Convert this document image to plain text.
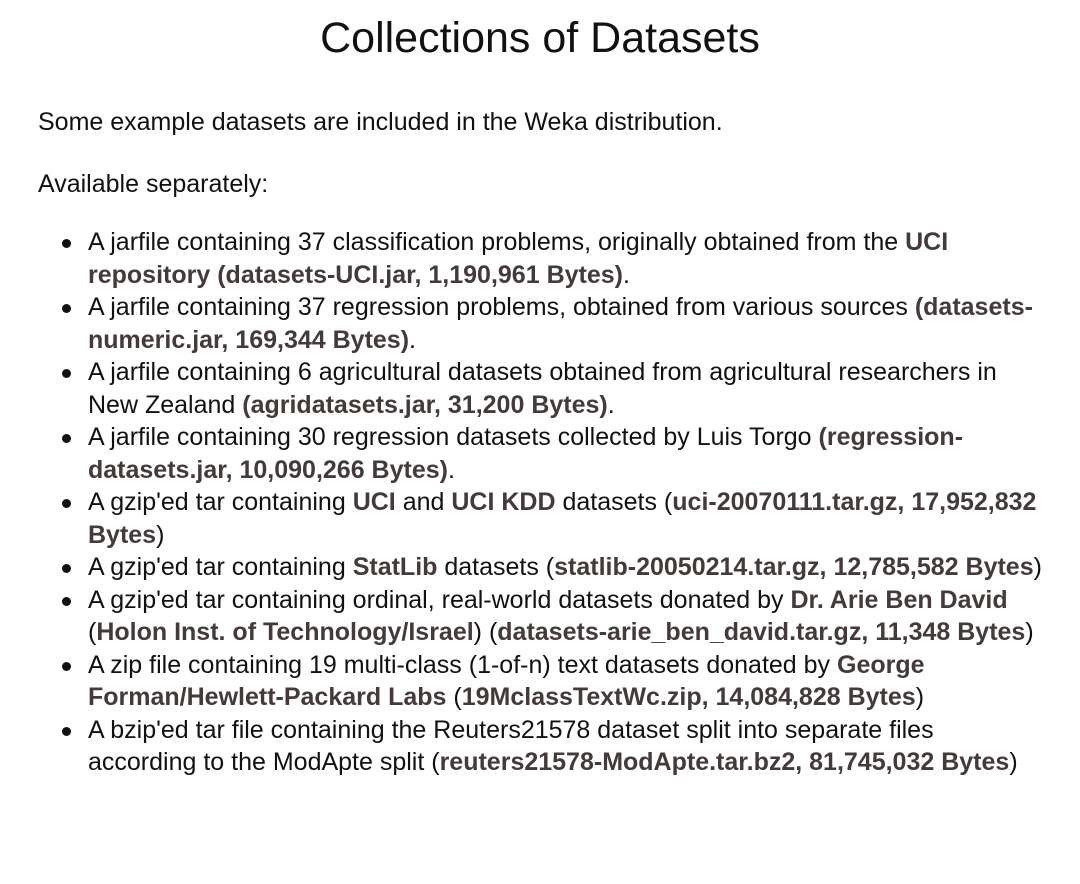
Collections of Datasets

Some example datasets are included in the Weka distribution.

Available separately:

A jarfile containing 37 classification problems, originally obtained from the UCI repository (datasets-UCI.jar, 1,190,961 Bytes).
A jarfile containing 37 regression problems, obtained from various sources (datasets-numeric.jar, 169,344 Bytes).
A jarfile containing 6 agricultural datasets obtained from agricultural researchers in New Zealand (agridatasets.jar, 31,200 Bytes).
A jarfile containing 30 regression datasets collected by Luis Torgo (regression-datasets.jar, 10,090,266 Bytes).
A gzip'ed tar containing UCI and UCI KDD datasets (uci-20070111.tar.gz, 17,952,832 Bytes)
A gzip'ed tar containing StatLib datasets (statlib-20050214.tar.gz, 12,785,582 Bytes)
A gzip'ed tar containing ordinal, real-world datasets donated by Dr. Arie Ben David (Holon Inst. of Technology/Israel) (datasets-arie_ben_david.tar.gz, 11,348 Bytes)
A zip file containing 19 multi-class (1-of-n) text datasets donated by George Forman/Hewlett-Packard Labs (19MclassTextWc.zip, 14,084,828 Bytes)
A bzip'ed tar file containing the Reuters21578 dataset split into separate files according to the ModApte split (reuters21578-ModApte.tar.bz2, 81,745,032 Bytes)
